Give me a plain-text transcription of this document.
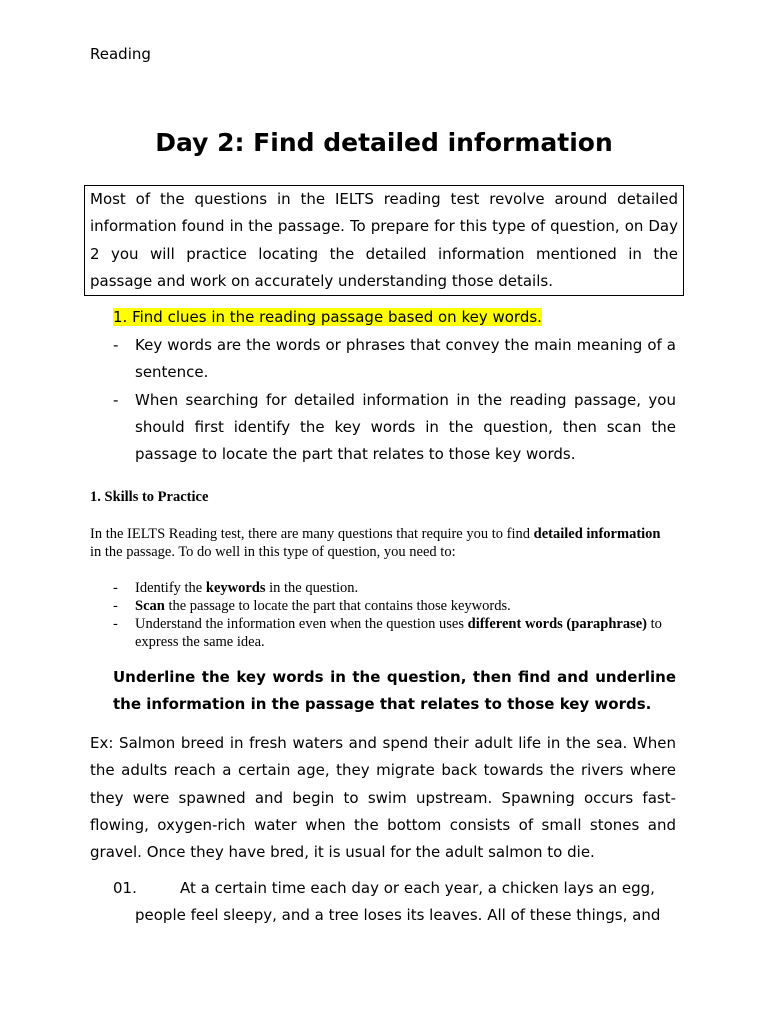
Reading
Day 2: Find detailed information
Most of the questions in the IELTS reading test revolve around detailed information found in the passage. To prepare for this type of question, on Day 2 you will practice locating the detailed information mentioned in the passage and work on accurately understanding those details.
1. Find clues in the reading passage based on key words.
- Key words are the words or phrases that convey the main meaning of a sentence.
- When searching for detailed information in the reading passage, you should first identify the key words in the question, then scan the passage to locate the part that relates to those key words.
1. Skills to Practice

In the IELTS Reading test, there are many questions that require you to find detailed information in the passage. To do well in this type of question, you need to:

- Identify the keywords in the question.
- Scan the passage to locate the part that contains those keywords.
- Understand the information even when the question uses different words (paraphrase) to express the same idea.

Underline the key words in the question, then find and underline the information in the passage that relates to those key words.

Ex: Salmon breed in fresh waters and spend their adult life in the sea. When the adults reach a certain age, they migrate back towards the rivers where they were spawned and begin to swim upstream. Spawning occurs fast-flowing, oxygen-rich water when the bottom consists of small stones and gravel. Once they have bred, it is usual for the adult salmon to die.

01.	At a certain time each day or each year, a chicken lays an egg,
people feel sleepy, and a tree loses its leaves. All of these things, and
